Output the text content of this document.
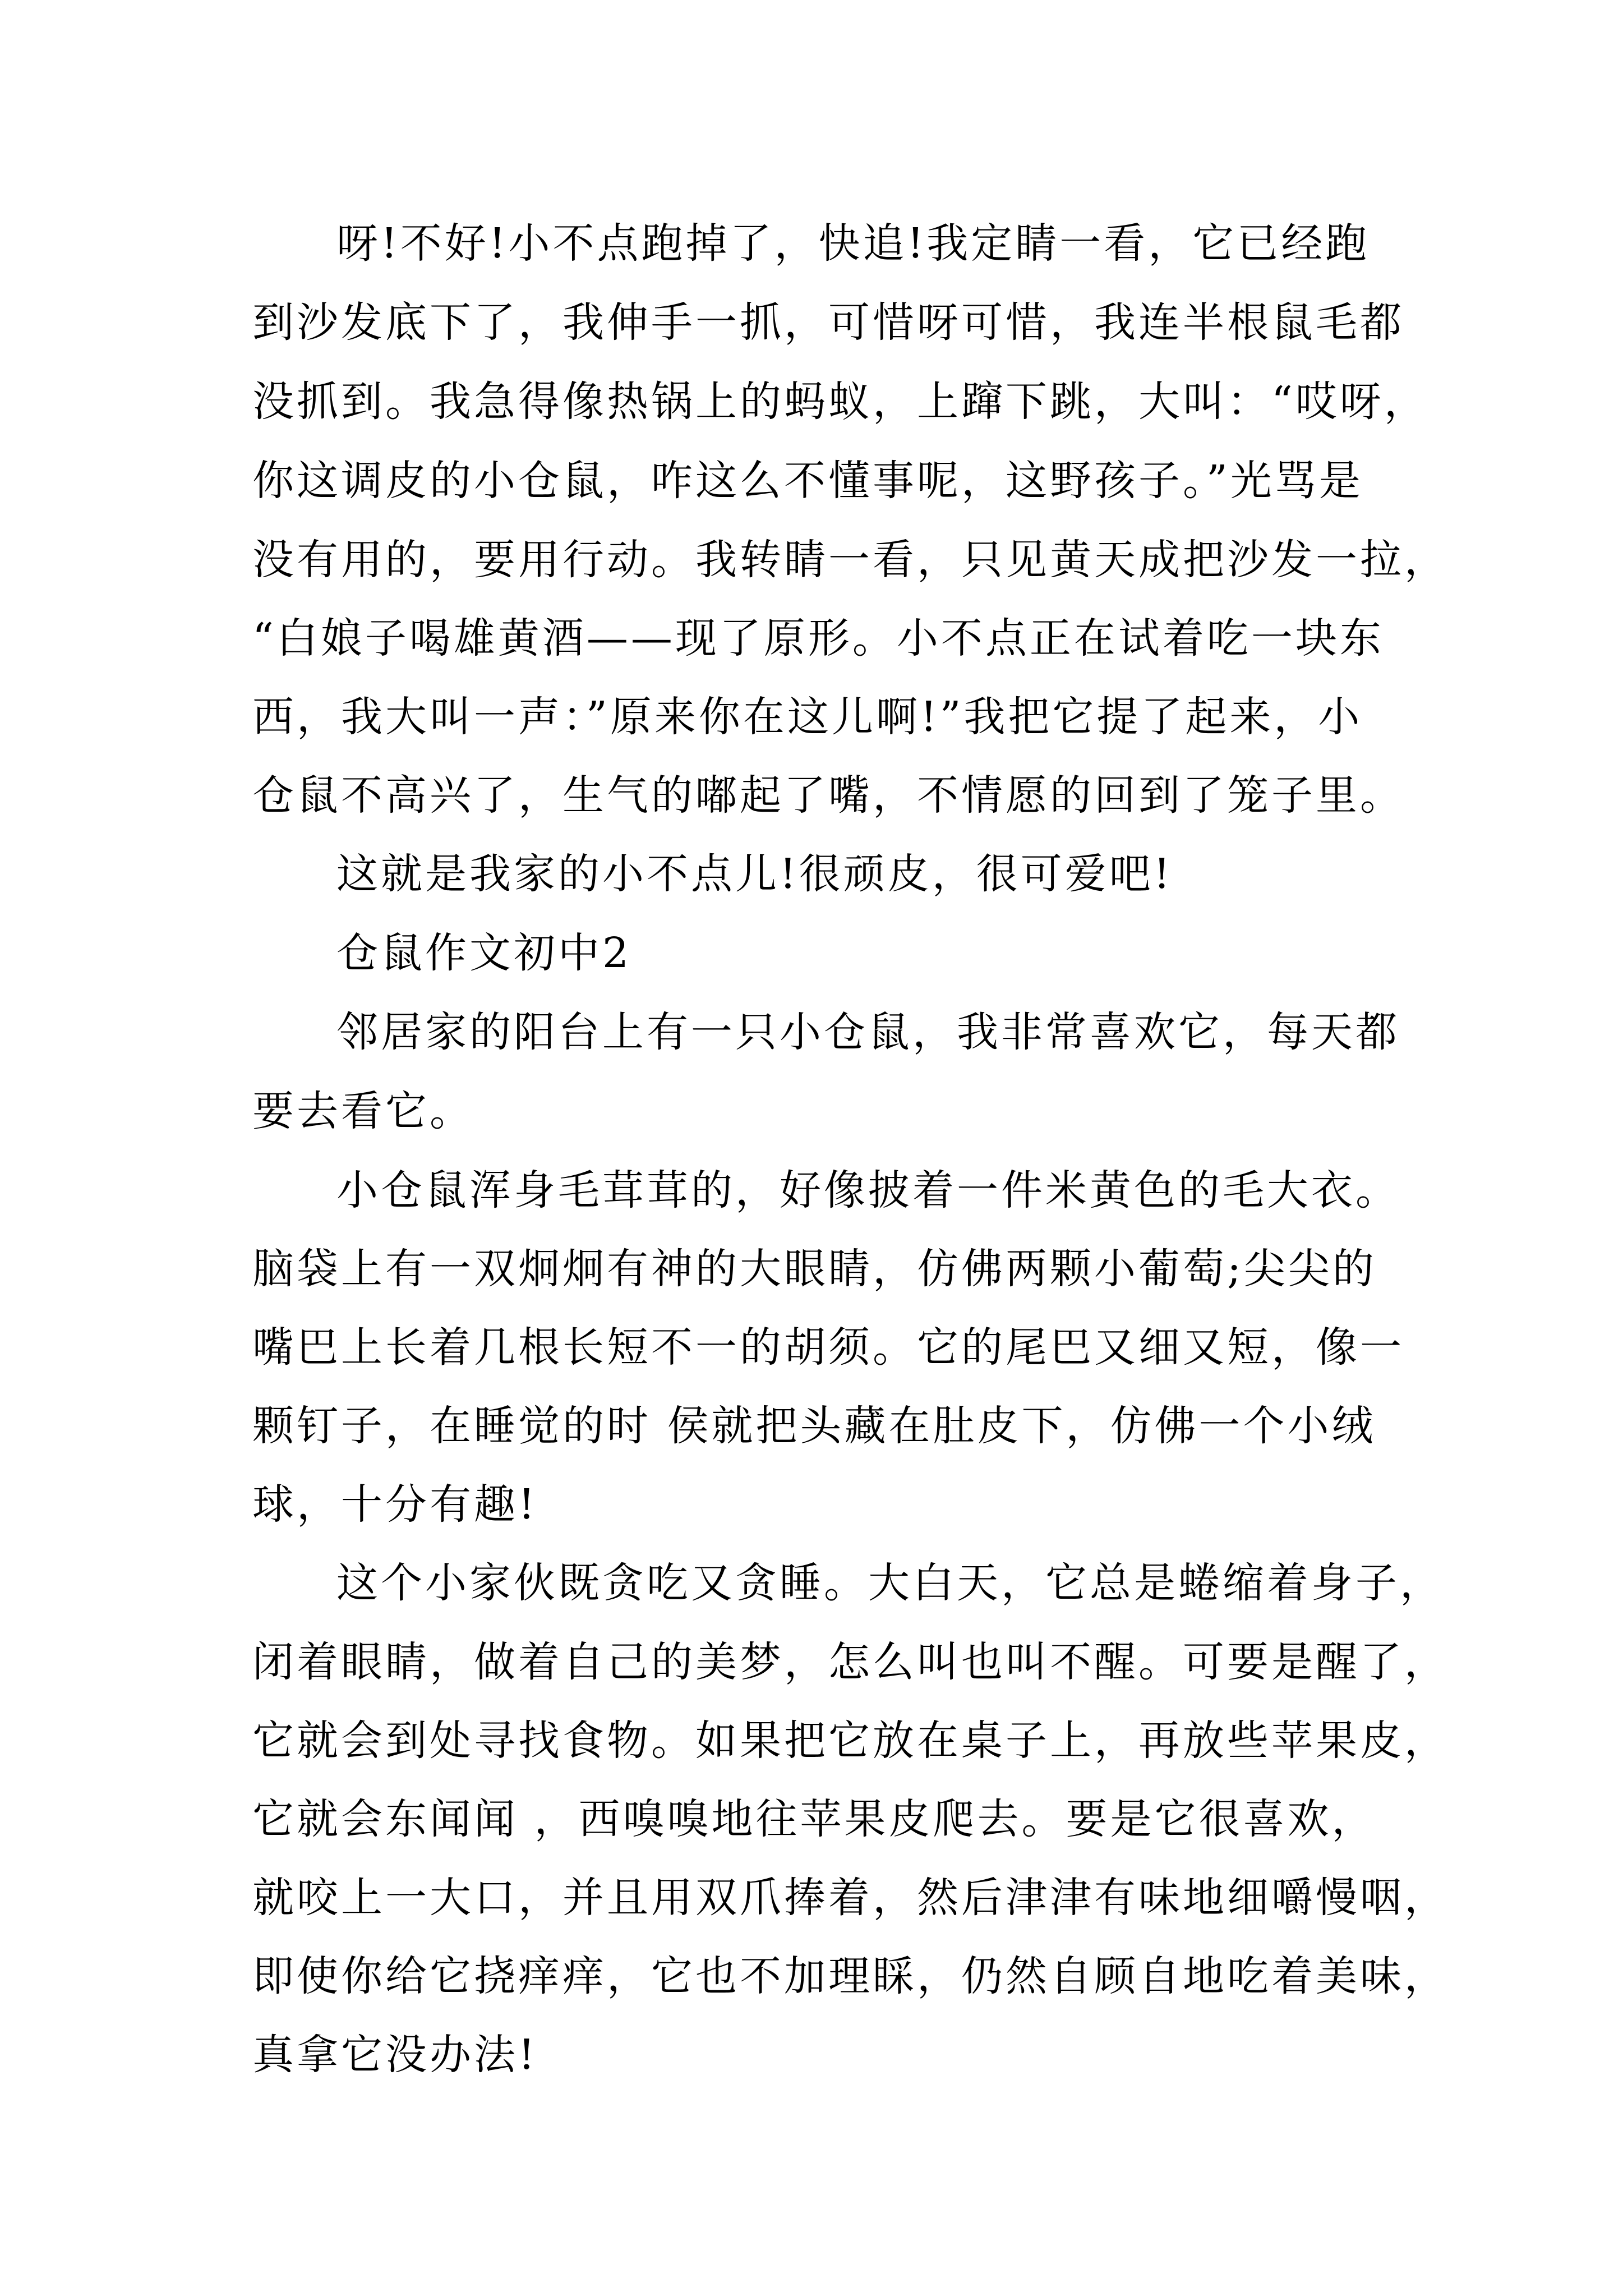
呀!不好!小不点跑掉了，快追!我定睛一看，它已经跑
到沙发底下了，我伸手一抓，可惜呀可惜，我连半根鼠毛都
没抓到。我急得像热锅上的蚂蚁，上蹿下跳，大叫：“哎呀，
你这调皮的小仓鼠，咋这么不懂事呢，这野孩子。”光骂是
没有用的，要用行动。我转睛一看，只见黄天成把沙发一拉，
“白娘子喝雄黄酒——现了原形。小不点正在试着吃一块东
西，我大叫一声：”原来你在这儿啊!”我把它提了起来，小
仓鼠不高兴了，生气的嘟起了嘴，不情愿的回到了笼子里。
这就是我家的小不点儿!很顽皮，很可爱吧!
仓鼠作文初中2
邻居家的阳台上有一只小仓鼠，我非常喜欢它，每天都
要去看它。
小仓鼠浑身毛茸茸的，好像披着一件米黄色的毛大衣。
脑袋上有一双炯炯有神的大眼睛，仿佛两颗小葡萄;尖尖的
嘴巴上长着几根长短不一的胡须。它的尾巴又细又短，像一
颗钉子，在睡觉的时 侯就把头藏在肚皮下，仿佛一个小绒
球，十分有趣!
这个小家伙既贪吃又贪睡。大白天，它总是蜷缩着身子，
闭着眼睛，做着自己的美梦，怎么叫也叫不醒。可要是醒了，
它就会到处寻找食物。如果把它放在桌子上，再放些苹果皮，
它就会东闻闻 ，西嗅嗅地往苹果皮爬去。要是它很喜欢，
就咬上一大口，并且用双爪捧着，然后津津有味地细嚼慢咽，
即使你给它挠痒痒，它也不加理睬，仍然自顾自地吃着美味，
真拿它没办法!
